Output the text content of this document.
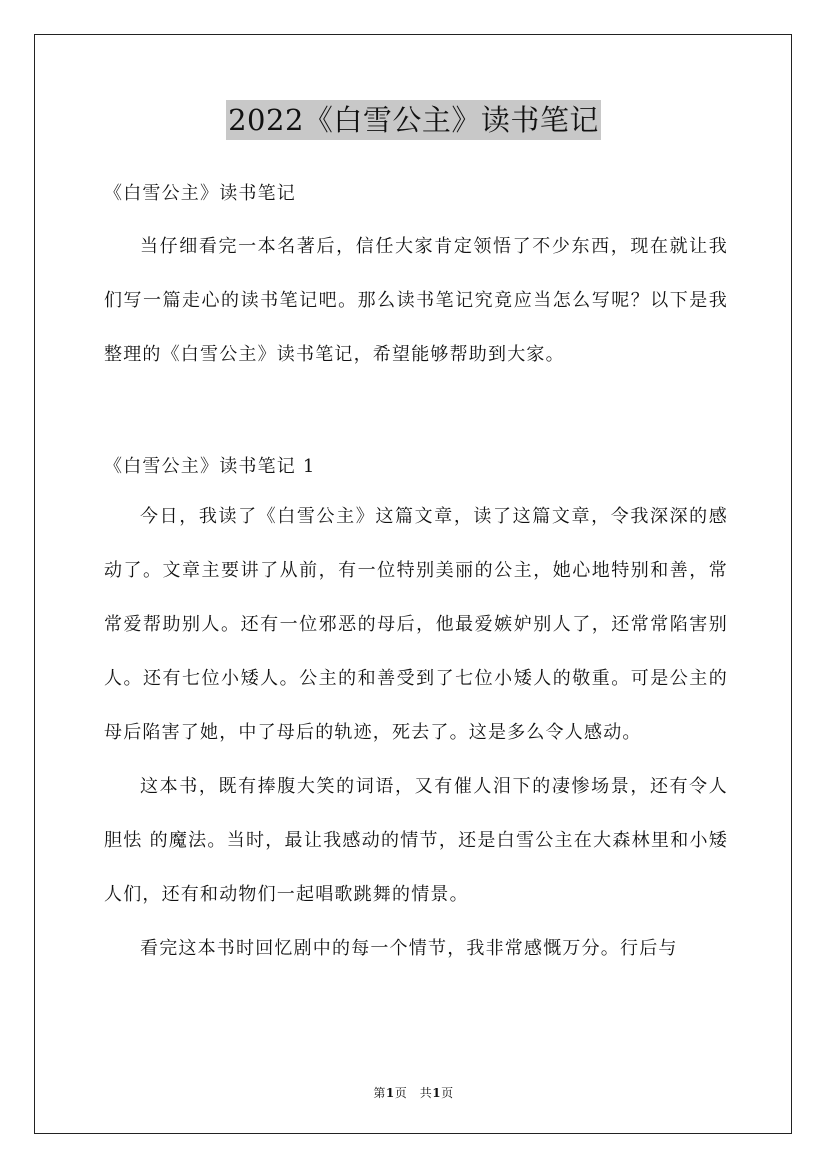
2022《白雪公主》读书笔记
《白雪公主》读书笔记

当仔细看完一本名著后，信任大家肯定领悟了不少东西，现在就让我们写一篇走心的读书笔记吧。那么读书笔记究竟应当怎么写呢？以下是我整理的《白雪公主》读书笔记，希望能够帮助到大家。

《白雪公主》读书笔记 1

今日，我读了《白雪公主》这篇文章，读了这篇文章，令我深深的感动了。文章主要讲了从前，有一位特别美丽的公主，她心地特别和善，常常爱帮助别人。还有一位邪恶的母后，他最爱嫉妒别人了，还常常陷害别人。还有七位小矮人。公主的和善受到了七位小矮人的敬重。可是公主的母后陷害了她，中了母后的轨迹，死去了。这是多么令人感动。

这本书，既有捧腹大笑的词语，又有催人泪下的凄惨场景，还有令人胆怯 的魔法。当时，最让我感动的情节，还是白雪公主在大森林里和小矮人们，还有和动物们一起唱歌跳舞的情景。

看完这本书时回忆剧中的每一个情节，我非常感慨万分。行后与

第1页　共1页
